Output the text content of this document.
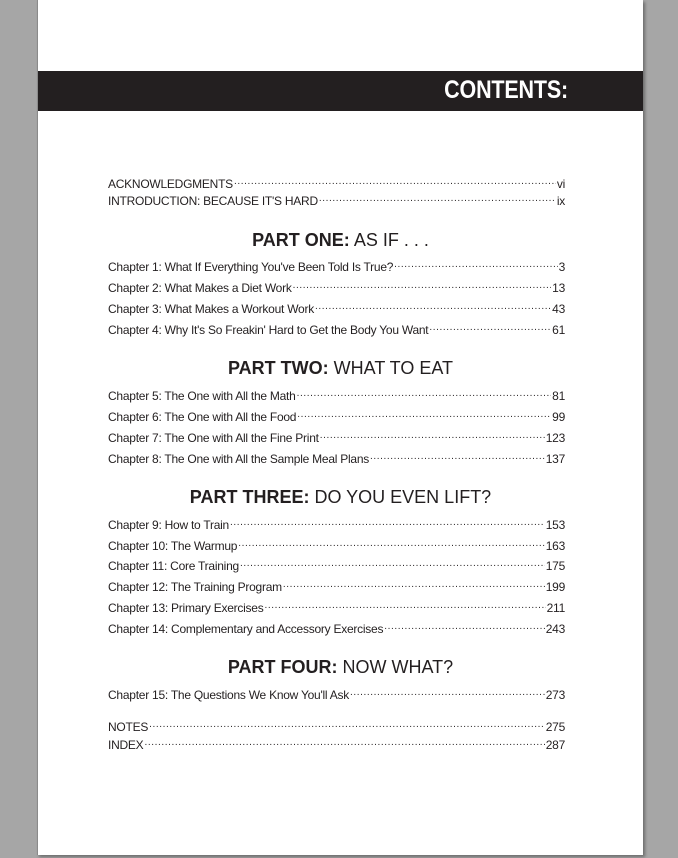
CONTENTS:
ACKNOWLEDGMENTS .....	vi
INTRODUCTION: BECAUSE IT'S HARD .....	ix
PART ONE: AS IF . . .
Chapter 1: What If Everything You've Been Told Is True? .....	3
Chapter 2: What Makes a Diet Work .....	13
Chapter 3: What Makes a Workout Work .....	43
Chapter 4: Why It's So Freakin' Hard to Get the Body You Want .....	61
PART TWO: WHAT TO EAT
Chapter 5: The One with All the Math .....	81
Chapter 6: The One with All the Food .....	99
Chapter 7: The One with All the Fine Print .....	123
Chapter 8: The One with All the Sample Meal Plans .....	137
PART THREE: DO YOU EVEN LIFT?
Chapter 9: How to Train .....	153
Chapter 10: The Warmup .....	163
Chapter 11: Core Training .....	175
Chapter 12: The Training Program .....	199
Chapter 13: Primary Exercises .....	211
Chapter 14: Complementary and Accessory Exercises .....	243
PART FOUR: NOW WHAT?
Chapter 15: The Questions We Know You'll Ask .....	273
NOTES .....	275
INDEX .....	287
